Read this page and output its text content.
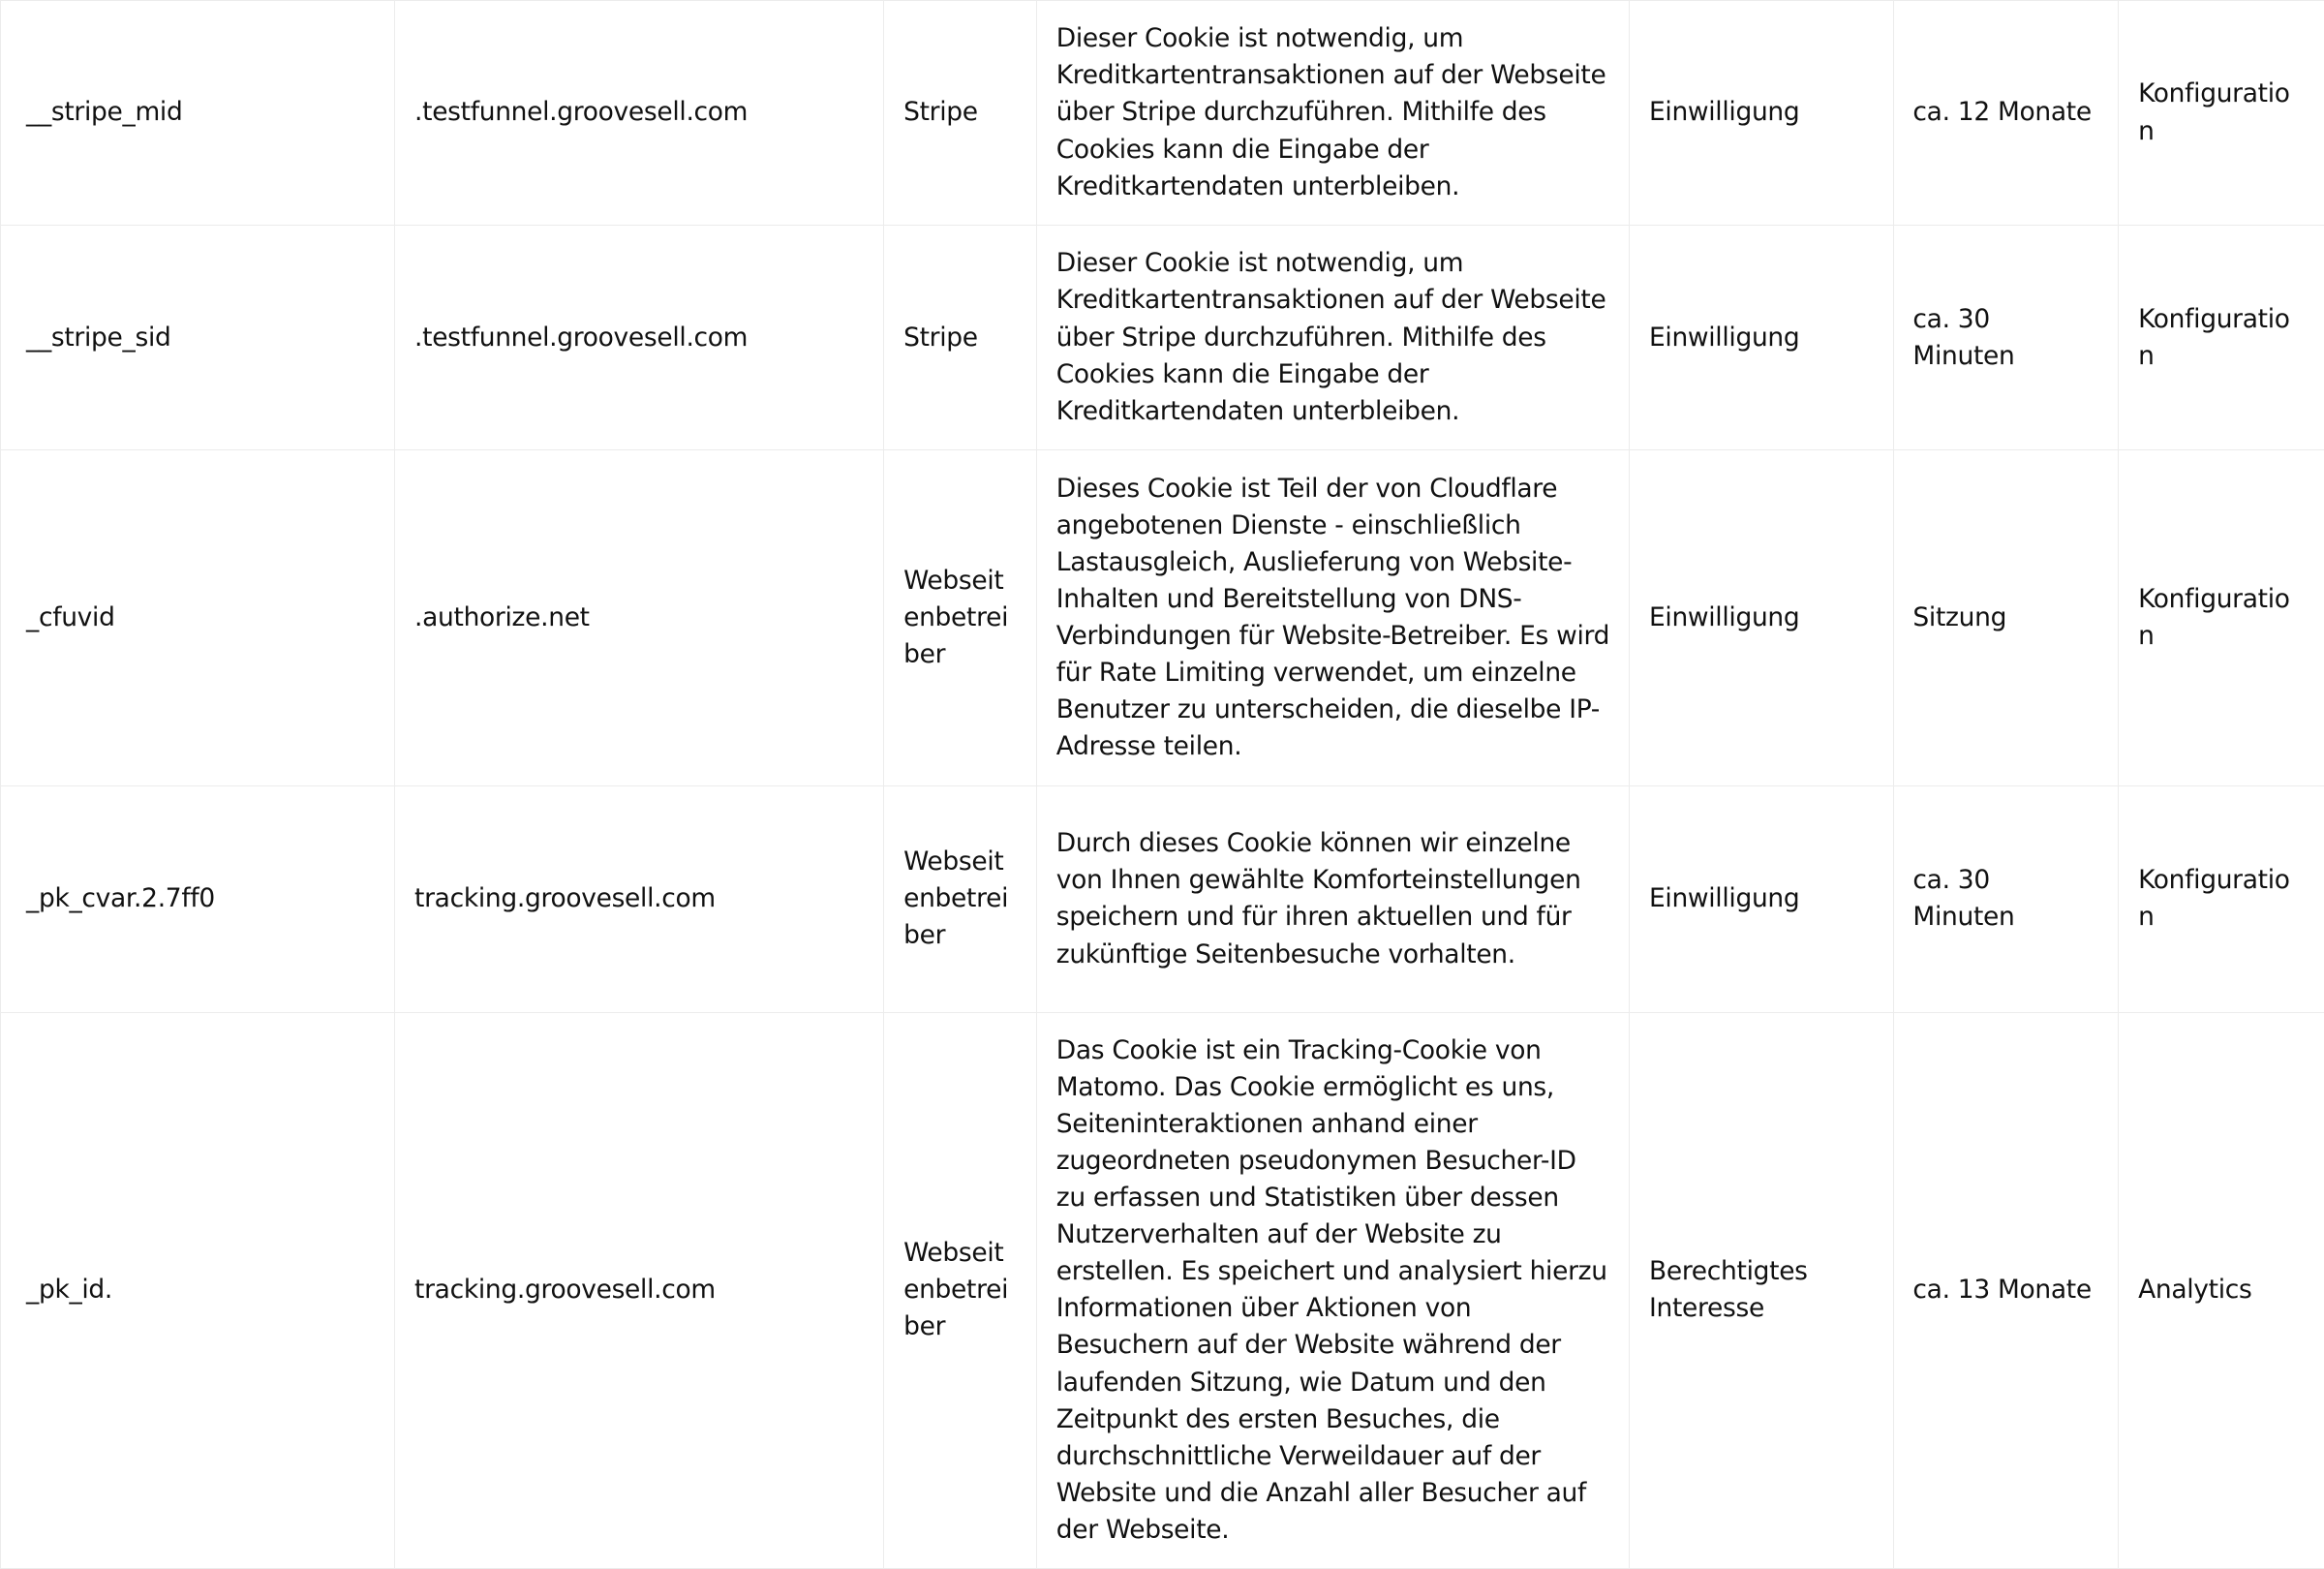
__stripe_mid	.testfunnel.groovesell.com	Stripe	Dieser Cookie ist notwendig, um Kreditkartentransaktionen auf der Webseite über Stripe durchzuführen. Mithilfe des Cookies kann die Eingabe der Kreditkartendaten unterbleiben.	Einwilligung	ca. 12 Monate	Konfiguration
__stripe_sid	.testfunnel.groovesell.com	Stripe	Dieser Cookie ist notwendig, um Kreditkartentransaktionen auf der Webseite über Stripe durchzuführen. Mithilfe des Cookies kann die Eingabe der Kreditkartendaten unterbleiben.	Einwilligung	ca. 30 Minuten	Konfiguration
_cfuvid	.authorize.net	Webseitenbetreiber	Dieses Cookie ist Teil der von Cloudflare angebotenen Dienste - einschließlich Lastausgleich, Auslieferung von Website-Inhalten und Bereitstellung von DNS-Verbindungen für Website-Betreiber. Es wird für Rate Limiting verwendet, um einzelne Benutzer zu unterscheiden, die dieselbe IP-Adresse teilen.	Einwilligung	Sitzung	Konfiguration
_pk_cvar.2.7ff0	tracking.groovesell.com	Webseitenbetreiber	Durch dieses Cookie können wir einzelne von Ihnen gewählte Komforteinstellungen speichern und für ihren aktuellen und für zukünftige Seitenbesuche vorhalten.	Einwilligung	ca. 30 Minuten	Konfiguration
_pk_id.	tracking.groovesell.com	Webseitenbetreiber	Das Cookie ist ein Tracking-Cookie von Matomo. Das Cookie ermöglicht es uns, Seiteninteraktionen anhand einer zugeordneten pseudonymen Besucher-ID zu erfassen und Statistiken über dessen Nutzerverhalten auf der Website zu erstellen. Es speichert und analysiert hierzu Informationen über Aktionen von Besuchern auf der Website während der laufenden Sitzung, wie Datum und den Zeitpunkt des ersten Besuches, die durchschnittliche Verweildauer auf der Website und die Anzahl aller Besucher auf der Webseite.	Berechtigtes Interesse	ca. 13 Monate	Analytics
